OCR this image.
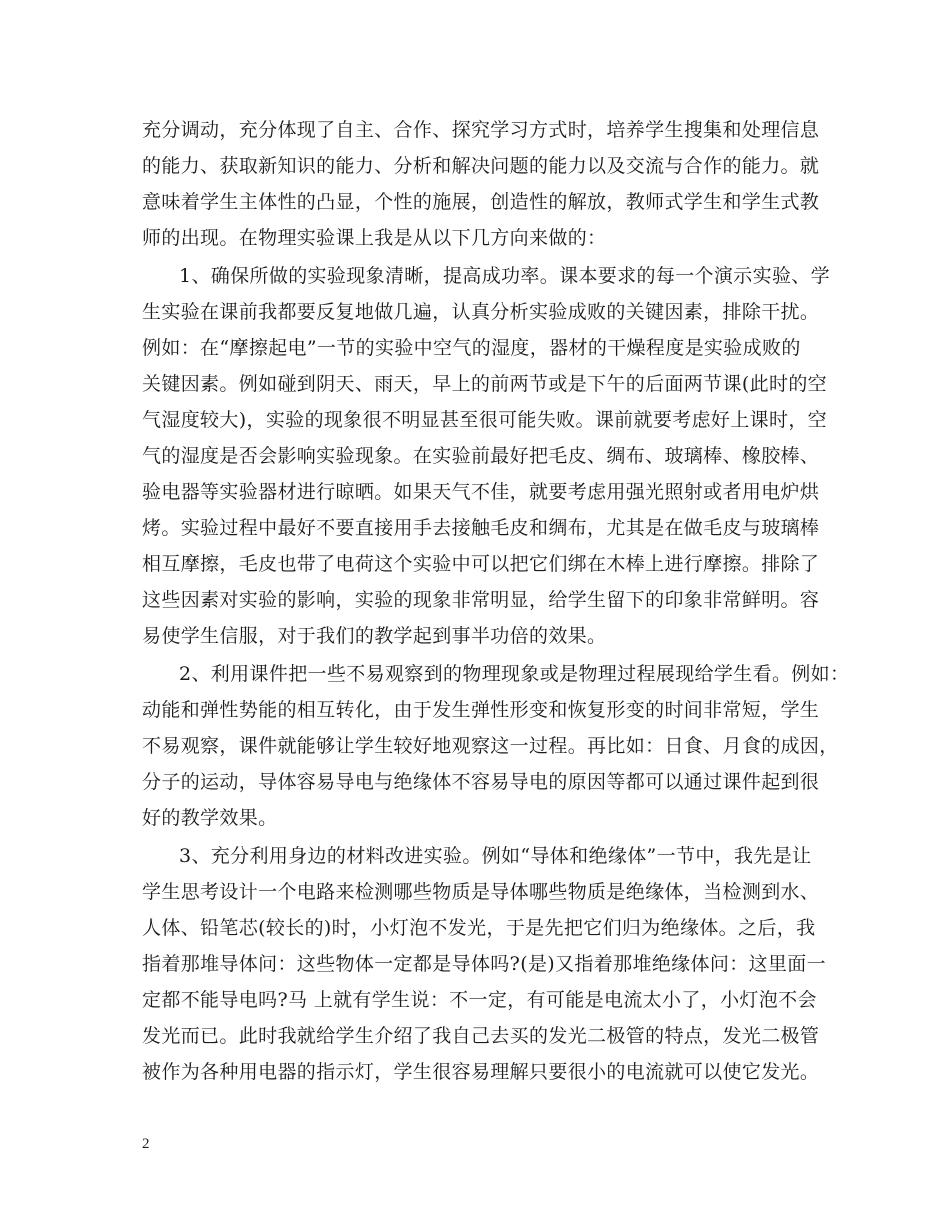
充分调动，充分体现了自主、合作、探究学习方式时，培养学生搜集和处理信息
的能力、获取新知识的能力、分析和解决问题的能力以及交流与合作的能力。就
意味着学生主体性的凸显，个性的施展，创造性的解放，教师式学生和学生式教
师的出现。在物理实验课上我是从以下几方向来做的：
1、确保所做的实验现象清晰，提高成功率。课本要求的每一个演示实验、学
生实验在课前我都要反复地做几遍，认真分析实验成败的关键因素，排除干扰。
例如：在“摩擦起电”一节的实验中空气的湿度，器材的干燥程度是实验成败的
关键因素。例如碰到阴天、雨天，早上的前两节或是下午的后面两节课(此时的空
气湿度较大)，实验的现象很不明显甚至很可能失败。课前就要考虑好上课时，空
气的湿度是否会影响实验现象。在实验前最好把毛皮、绸布、玻璃棒、橡胶棒、
验电器等实验器材进行晾晒。如果天气不佳，就要考虑用强光照射或者用电炉烘
烤。实验过程中最好不要直接用手去接触毛皮和绸布，尤其是在做毛皮与玻璃棒
相互摩擦，毛皮也带了电荷这个实验中可以把它们绑在木棒上进行摩擦。排除了
这些因素对实验的影响，实验的现象非常明显，给学生留下的印象非常鲜明。容
易使学生信服，对于我们的教学起到事半功倍的效果。
2、利用课件把一些不易观察到的物理现象或是物理过程展现给学生看。例如：
动能和弹性势能的相互转化，由于发生弹性形变和恢复形变的时间非常短，学生
不易观察，课件就能够让学生较好地观察这一过程。再比如：日食、月食的成因，
分子的运动，导体容易导电与绝缘体不容易导电的原因等都可以通过课件起到很
好的教学效果。
3、充分利用身边的材料改进实验。例如“导体和绝缘体”一节中，我先是让
学生思考设计一个电路来检测哪些物质是导体哪些物质是绝缘体，当检测到水、
人体、铅笔芯(较长的)时，小灯泡不发光，于是先把它们归为绝缘体。之后，我
指着那堆导体问：这些物体一定都是导体吗?(是)又指着那堆绝缘体问：这里面一
定都不能导电吗?马 上就有学生说：不一定，有可能是电流太小了，小灯泡不会
发光而已。此时我就给学生介绍了我自己去买的发光二极管的特点，发光二极管
被作为各种用电器的指示灯，学生很容易理解只要很小的电流就可以使它发光。
2
